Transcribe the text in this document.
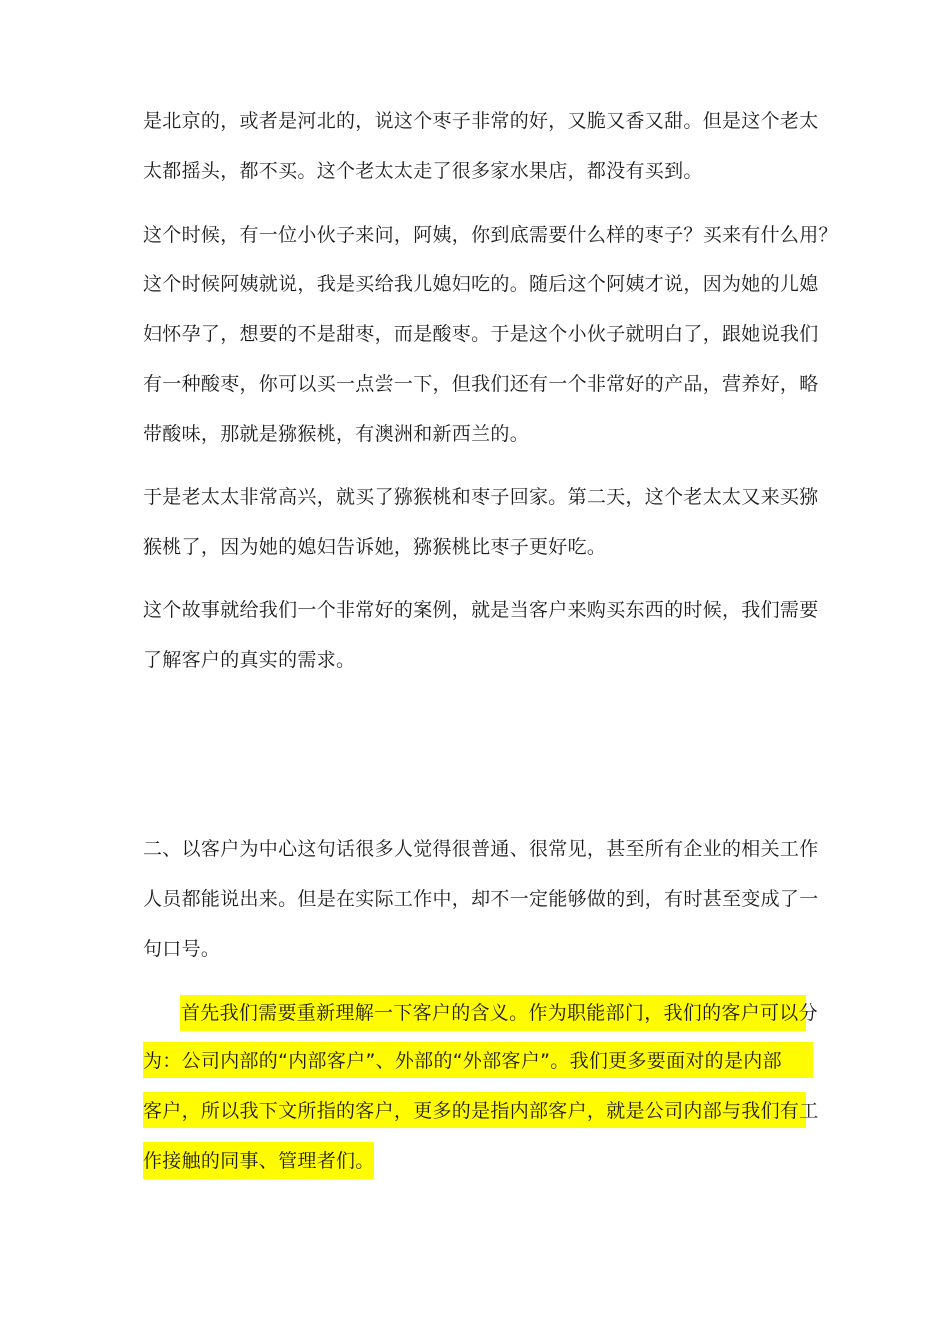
是北京的，或者是河北的，说这个枣子非常的好，又脆又香又甜。但是这个老太
太都摇头，都不买。这个老太太走了很多家水果店，都没有买到。
这个时候，有一位小伙子来问，阿姨，你到底需要什么样的枣子？买来有什么用？
这个时候阿姨就说，我是买给我儿媳妇吃的。随后这个阿姨才说，因为她的儿媳
妇怀孕了，想要的不是甜枣，而是酸枣。于是这个小伙子就明白了，跟她说我们
有一种酸枣，你可以买一点尝一下，但我们还有一个非常好的产品，营养好，略
带酸味，那就是猕猴桃，有澳洲和新西兰的。
于是老太太非常高兴，就买了猕猴桃和枣子回家。第二天，这个老太太又来买猕
猴桃了，因为她的媳妇告诉她，猕猴桃比枣子更好吃。
这个故事就给我们一个非常好的案例，就是当客户来购买东西的时候，我们需要
了解客户的真实的需求。
二、以客户为中心这句话很多人觉得很普通、很常见，甚至所有企业的相关工作
人员都能说出来。但是在实际工作中，却不一定能够做的到，有时甚至变成了一
句口号。
首先我们需要重新理解一下客户的含义。作为职能部门，我们的客户可以分
为：公司内部的“内部客户”、外部的“外部客户”。我们更多要面对的是内部
客户，所以我下文所指的客户，更多的是指内部客户，就是公司内部与我们有工
作接触的同事、管理者们。
